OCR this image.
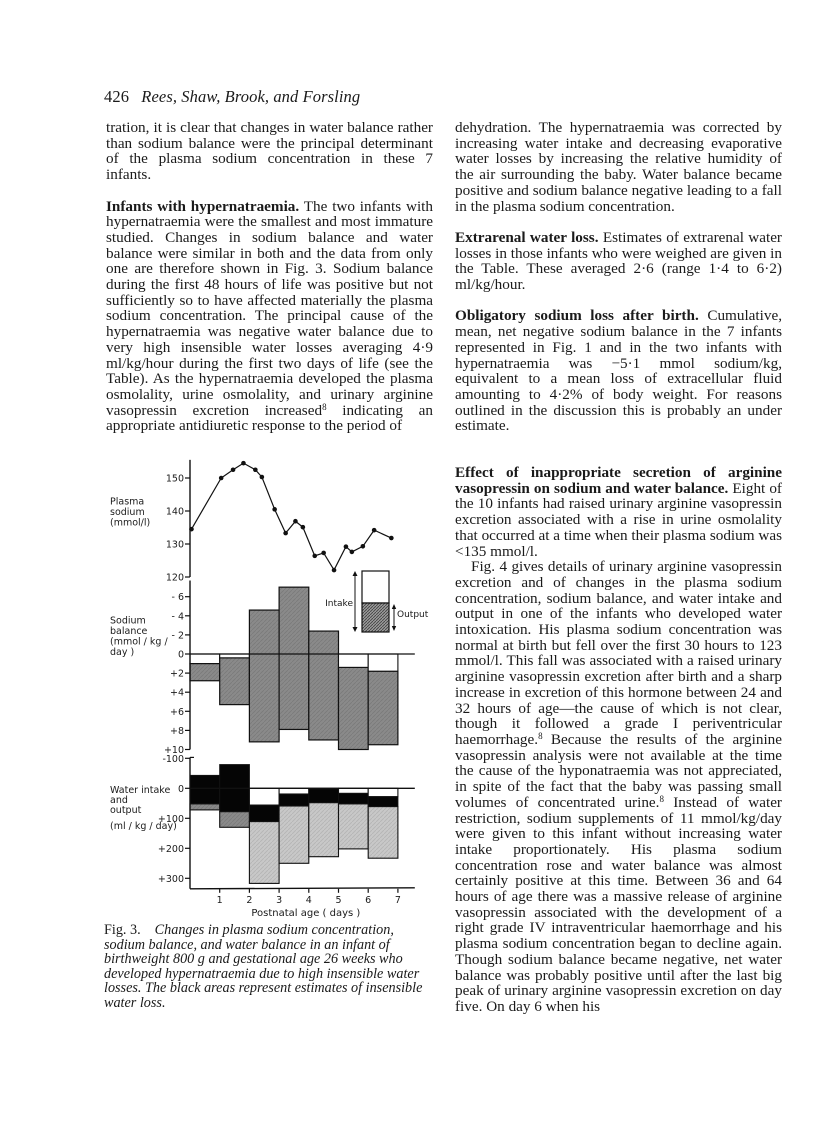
426 Rees, Shaw, Brook, and Forsling

tration, it is clear that changes in water balance rather than sodium balance were the principal determinant of the plasma sodium concentration in these 7 infants.

Infants with hypernatraemia. The two infants with hypernatraemia were the smallest and most immature studied. Changes in sodium balance and water balance were similar in both and the data from only one are therefore shown in Fig. 3. Sodium balance during the first 48 hours of life was positive but not sufficiently so to have affected materially the plasma sodium concentration. The principal cause of the hypernatraemia was negative water balance due to very high insensible water losses averaging 4·9 ml/kg/hour during the first two days of life (see the Table). As the hypernatraemia developed the plasma osmolality, urine osmolality, and urinary arginine vasopressin excretion increased$^8$ indicating an appropriate antidiuretic response to the period of

dehydration. The hypernatraemia was corrected by increasing water intake and decreasing evaporative water losses by increasing the relative humidity of the air surrounding the baby. Water balance became positive and sodium balance negative leading to a fall in the plasma sodium concentration.

Extrarenal water loss. Estimates of extrarenal water losses in those infants who were weighed are given in the Table. These averaged 2·6 (range 1·4 to 6·2) ml/kg/hour.

Obligatory sodium loss after birth. Cumulative, mean, net negative sodium balance in the 7 infants represented in Fig. 1 and in the two infants with hypernatraemia was −5·1 mmol sodium/kg, equivalent to a mean loss of extracellular fluid amounting to 4·2% of body weight. For reasons outlined in the discussion this is probably an under estimate.

Effect of inappropriate secretion of arginine vasopressin on sodium and water balance. Eight of the 10 infants had raised urinary arginine vasopressin excretion associated with a rise in urine osmolality that occurred at a time when their plasma sodium was <135 mmol/l.

Fig. 4 gives details of urinary arginine vasopressin excretion and of changes in the plasma sodium concentration, sodium balance, and water intake and output in one of the infants who developed water intoxication. His plasma sodium concentration was normal at birth but fell over the first 30 hours to 123 mmol/l. This fall was associated with a raised urinary arginine vasopressin excretion after birth and a sharp increase in excretion of this hormone between 24 and 32 hours of age—the cause of which is not clear, though it followed a grade I periventricular haemorrhage.$^8$ Because the results of the arginine vasopressin analysis were not available at the time the cause of the hyponatraemia was not appreciated, in spite of the fact that the baby was passing small volumes of concentrated urine.$^8$ Instead of water restriction, sodium supplements of 11 mmol/kg/day were given to this infant without increasing water intake proportionately. His plasma sodium concentration rose and water balance was almost certainly positive at this time. Between 36 and 64 hours of age there was a massive release of arginine vasopressin associated with the development of a right grade IV intraventricular haemorrhage and his plasma sodium concentration began to decline again. Though sodium balance became negative, net water balance was probably positive until after the last big peak of urinary arginine vasopressin excretion on day five. On day 6 when his

120
130
140
150
Plasma
sodium
(mmol/l)
- 6
- 4
- 2
0
+2
+4
+6
+8
+10
Sodium
balance
(mmol / kg /
day )
Intake
Output
-100
0
+100
+200
+300
Water intake
and
output
(ml / kg / day)
1 2 3 4 5 6 7
Postnatal age ( days )
Fig. 3. Changes in plasma sodium concentration, sodium balance, and water balance in an infant of birthweight 800 g and gestational age 26 weeks who developed hypernatraemia due to high insensible water losses. The black areas represent estimates of insensible water loss.
